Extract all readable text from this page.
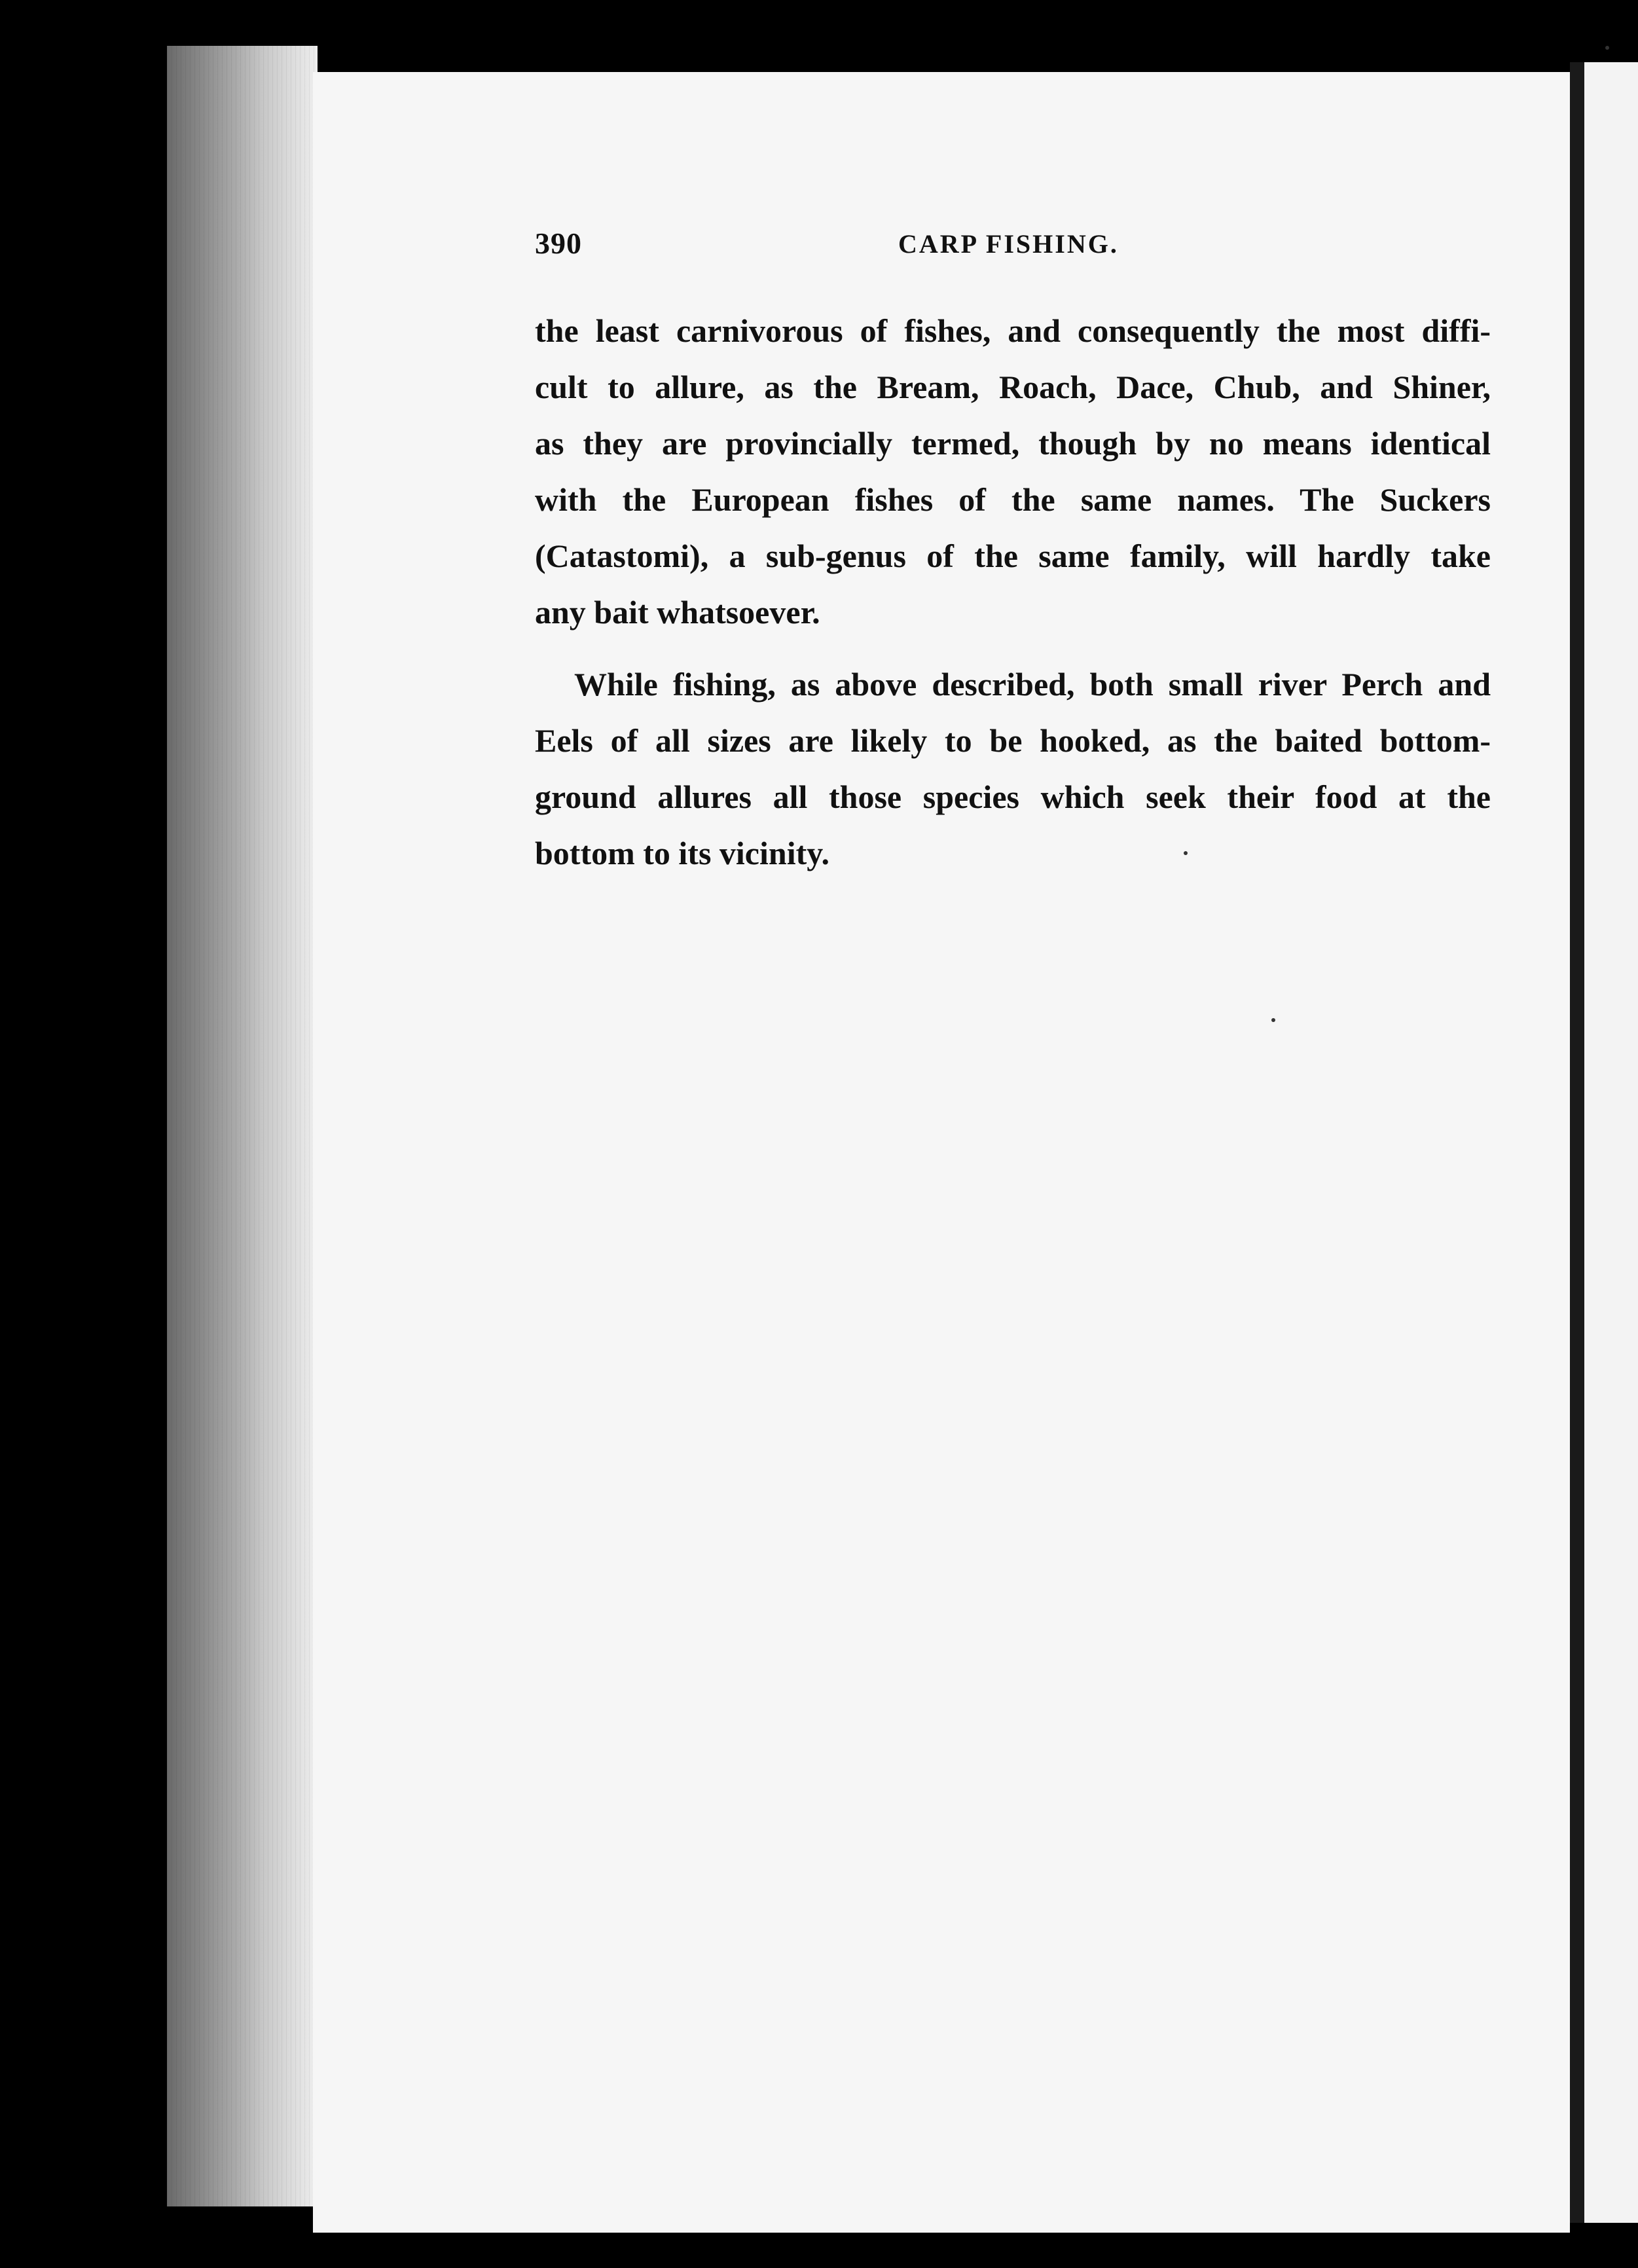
390	CARP FISHING.
the least carnivorous of fishes, and consequently the most diffi-
cult to allure, as the Bream, Roach, Dace, Chub, and Shiner,
as they are provincially termed, though by no means identical
with the European fishes of the same names. The Suckers
(Catastomi), a sub-genus of the same family, will hardly take
any bait whatsoever.
While fishing, as above described, both small river Perch and
Eels of all sizes are likely to be hooked, as the baited bottom-
ground allures all those species which seek their food at the
bottom to its vicinity.
